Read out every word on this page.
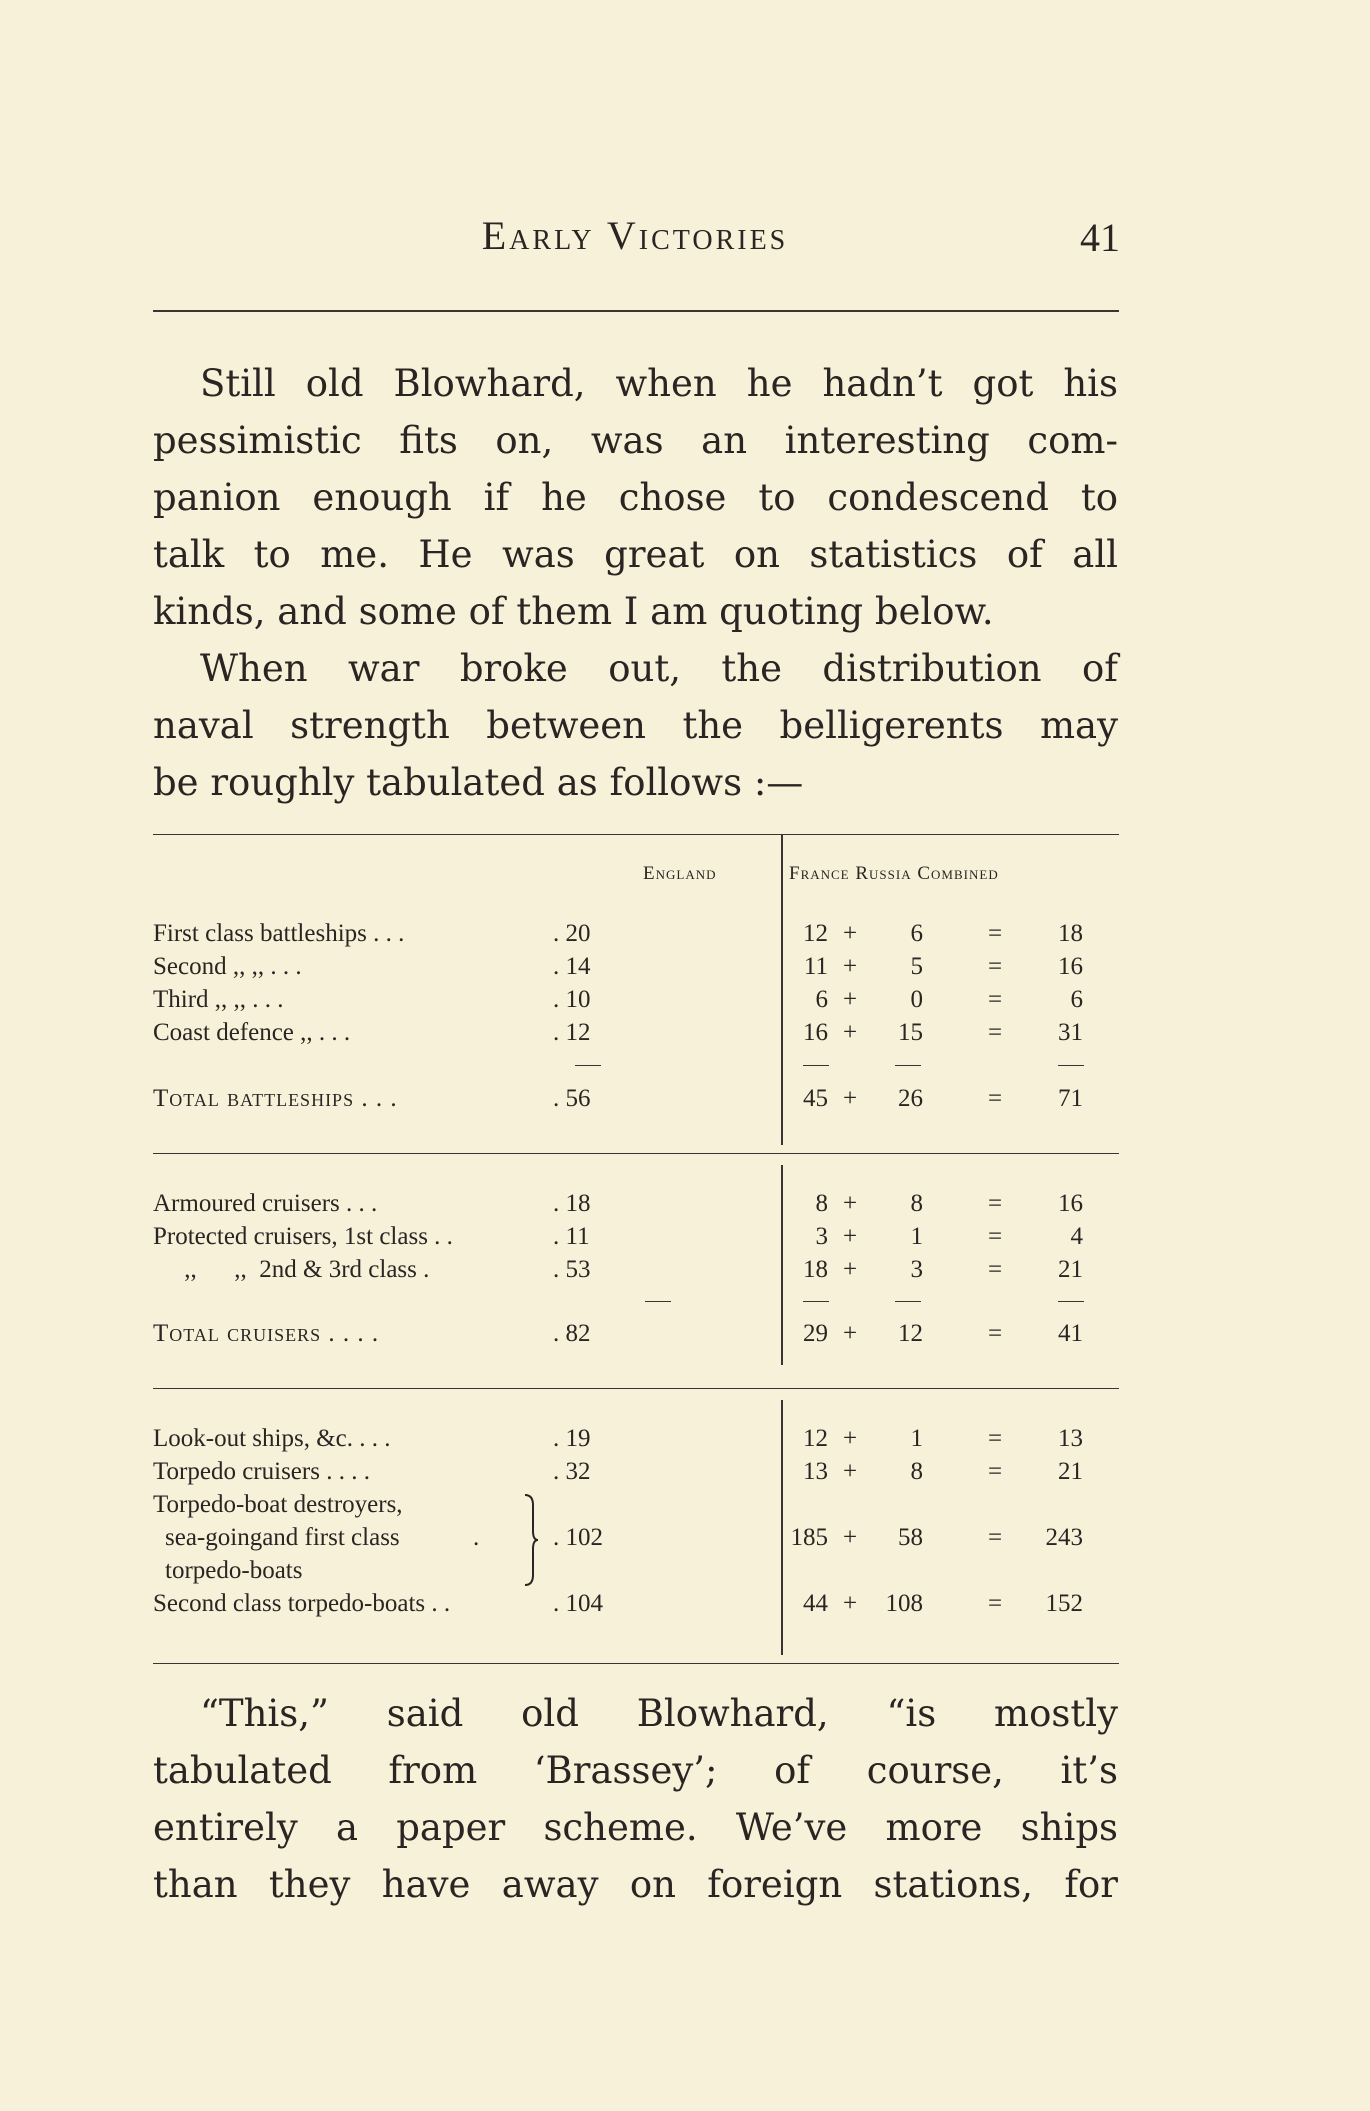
Early Victories	41
Still old Blowhard, when he hadn’t got his
pessimistic fits on, was an interesting com-
panion enough if he chose to condescend to
talk to me. He was great on statistics of all
kinds, and some of them I am quoting below.
When war broke out, the distribution of
naval strength between the belligerents may
be roughly tabulated as follows :—
England	France Russia Combined
First class battleships . . .	. 20	12 +	6	=	18
Second ,, ,, . . .	. 14	11 +	5	=	16
Third ,, ,, . . .	. 10	6 +	0	=	6
Coast defence ,, . . .	. 12	16 +	15	=	31
Total battleships . . .	. 56	45 +	26	=	71
Armoured cruisers . . .	. 18	8 +	8	=	16
Protected cruisers, 1st class . .	. 11	3 +	1	=	4
,,      ,,  2nd & 3rd class .	. 53	18 +	3	=	21
Total cruisers . . . .	. 82	29 +	12	=	41
Look-out ships, &c. . . .	. 19	12 +	1	=	13
Torpedo cruisers . . . .	. 32	13 +	8	=	21
Torpedo-boat destroyers,
sea-goingand first class	.	. 102	185 +	58	=	243
torpedo-boats
Second class torpedo-boats . .	. 104	44 +	108	=	152
“This,” said old Blowhard, “is mostly
tabulated from ‘Brassey’; of course, it’s
entirely a paper scheme. We’ve more ships
than they have away on foreign stations, for
